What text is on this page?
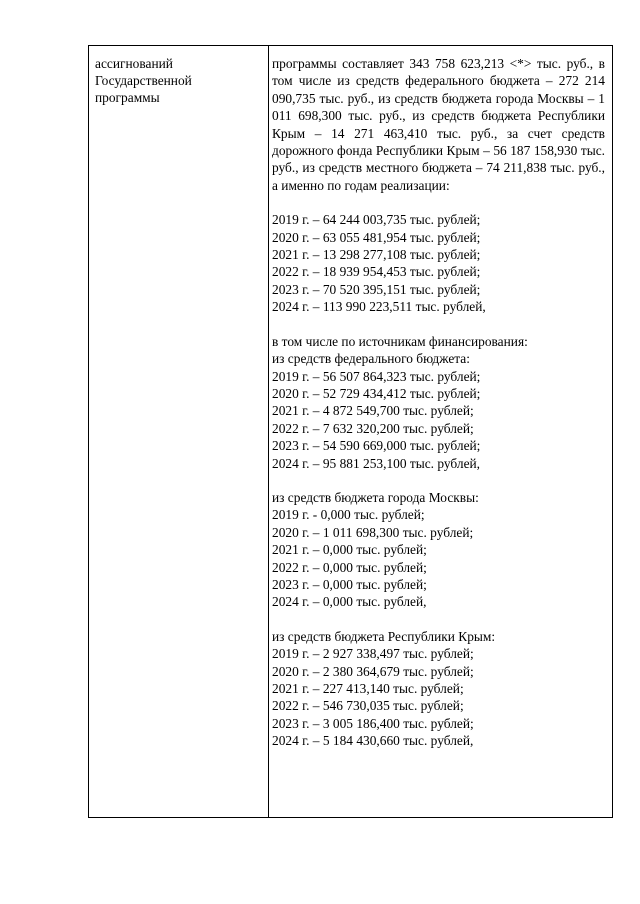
ассигнований
Государственной
программы

программы составляет 343 758 623,213 <*> тыс. руб., в том числе из средств федерального бюджета – 272 214 090,735 тыс. руб., из средств бюджета города Москвы – 1 011 698,300 тыс. руб., из средств бюджета Республики Крым – 14 271 463,410 тыс. руб., за счет средств дорожного фонда Республики Крым – 56 187 158,930 тыс. руб., из средств местного бюджета – 74 211,838 тыс. руб., а именно по годам реализации:

2019 г. – 64 244 003,735 тыс. рублей;
2020 г. – 63 055 481,954 тыс. рублей;
2021 г. – 13 298 277,108 тыс. рублей;
2022 г. – 18 939 954,453 тыс. рублей;
2023 г. – 70 520 395,151 тыс. рублей;
2024 г. – 113 990 223,511 тыс. рублей,
в том числе по источникам финансирования:
из средств федерального бюджета:
2019 г. – 56 507 864,323 тыс. рублей;
2020 г. – 52 729 434,412 тыс. рублей;
2021 г. – 4 872 549,700 тыс. рублей;
2022 г. – 7 632 320,200 тыс. рублей;
2023 г. – 54 590 669,000 тыс. рублей;
2024 г. – 95 881 253,100 тыс. рублей,
из средств бюджета города Москвы:
2019 г. - 0,000 тыс. рублей;
2020 г. – 1 011 698,300 тыс. рублей;
2021 г. – 0,000 тыс. рублей;
2022 г. – 0,000 тыс. рублей;
2023 г. – 0,000 тыс. рублей;
2024 г. – 0,000 тыс. рублей,
из средств бюджета Республики Крым:
2019 г. – 2 927 338,497 тыс. рублей;
2020 г. – 2 380 364,679 тыс. рублей;
2021 г. – 227 413,140 тыс. рублей;
2022 г. – 546 730,035 тыс. рублей;
2023 г. – 3 005 186,400 тыс. рублей;
2024 г. – 5 184 430,660 тыс. рублей,
